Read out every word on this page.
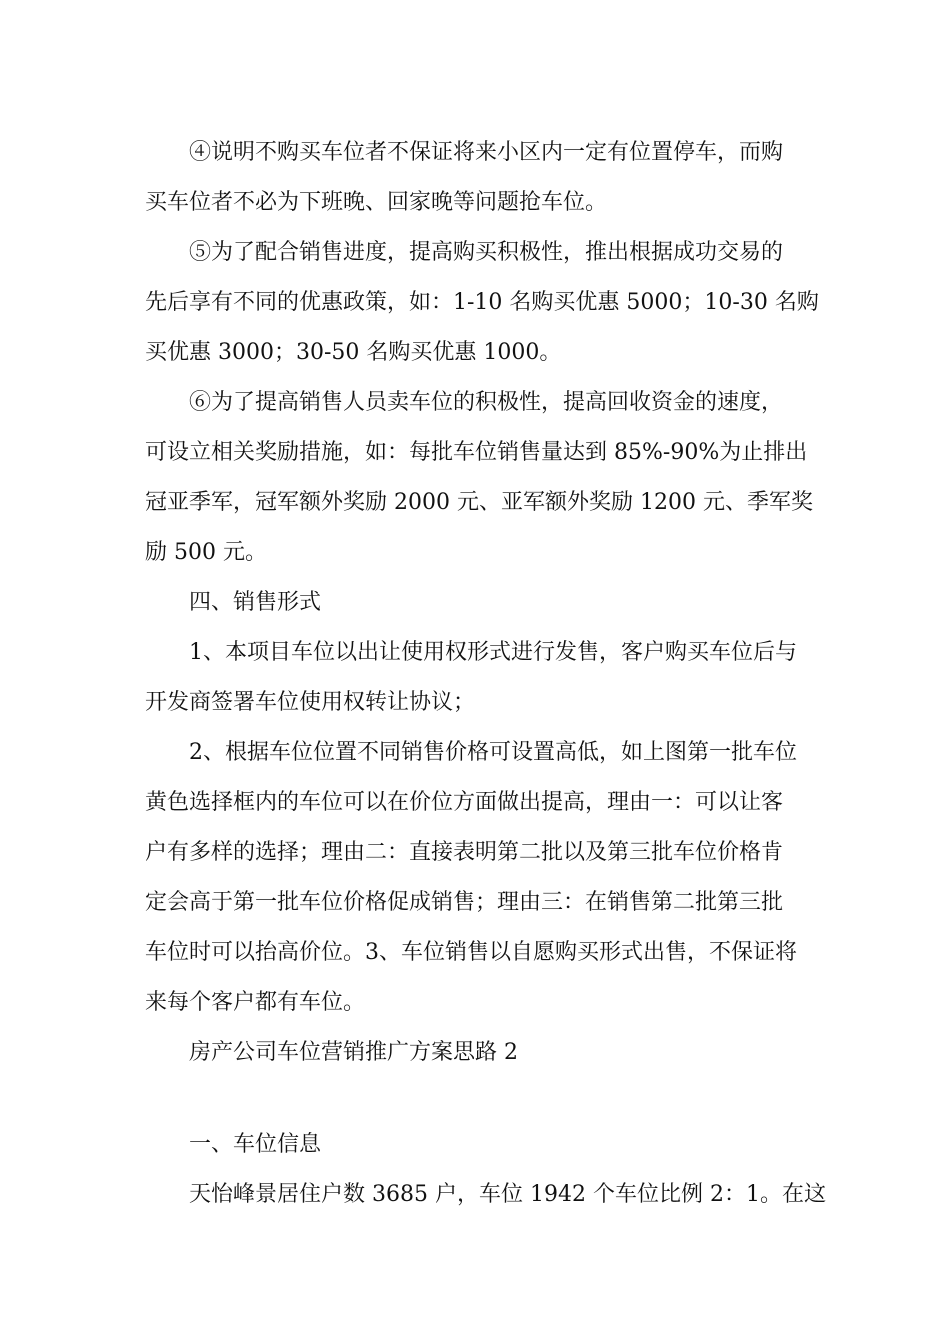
④说明不购买车位者不保证将来小区内一定有位置停车，而购
买车位者不必为下班晚、回家晚等问题抢车位。
⑤为了配合销售进度，提高购买积极性，推出根据成功交易的
先后享有不同的优惠政策，如：1-10 名购买优惠 5000；10-30 名购
买优惠 3000；30-50 名购买优惠 1000。
⑥为了提高销售人员卖车位的积极性，提高回收资金的速度，
可设立相关奖励措施，如：每批车位销售量达到 85%-90%为止排出
冠亚季军，冠军额外奖励 2000 元、亚军额外奖励 1200 元、季军奖
励 500 元。
四、销售形式
1、本项目车位以出让使用权形式进行发售，客户购买车位后与
开发商签署车位使用权转让协议；
2、根据车位位置不同销售价格可设置高低，如上图第一批车位
黄色选择框内的车位可以在价位方面做出提高，理由一：可以让客
户有多样的选择；理由二：直接表明第二批以及第三批车位价格肯
定会高于第一批车位价格促成销售；理由三：在销售第二批第三批
车位时可以抬高价位。3、车位销售以自愿购买形式出售，不保证将
来每个客户都有车位。
房产公司车位营销推广方案思路 2
一、车位信息
天怡峰景居住户数 3685 户，车位 1942 个车位比例 2：1。在这
